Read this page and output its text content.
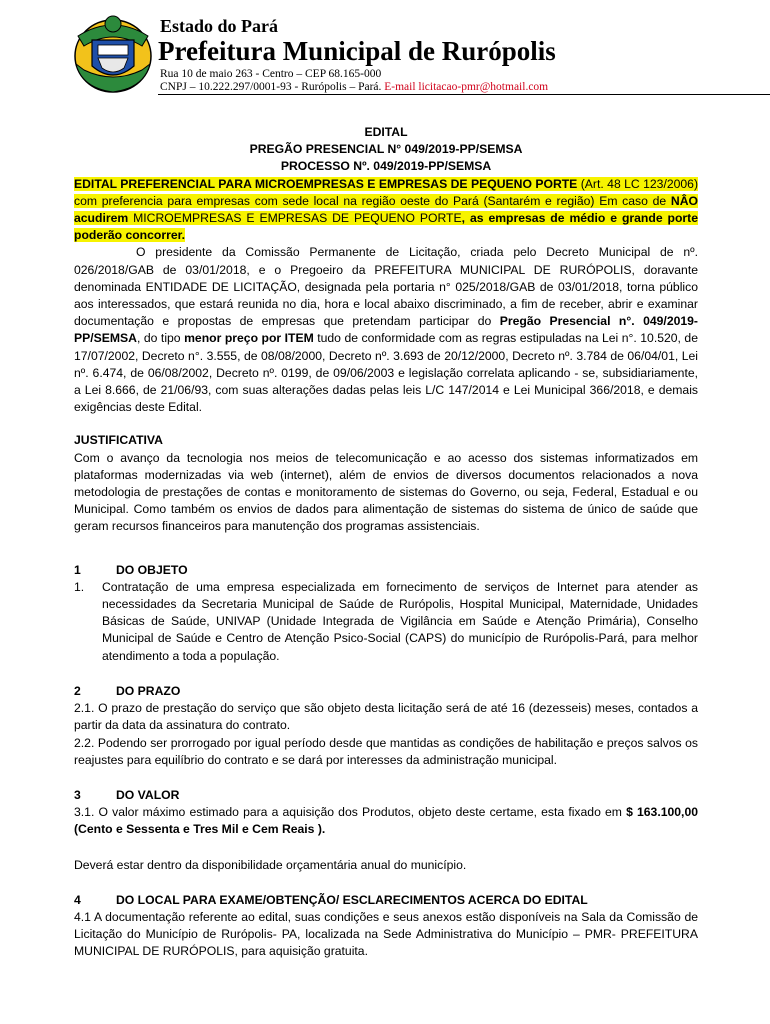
Estado do Pará
Prefeitura Municipal de Rurópolis
Rua 10 de maio 263 - Centro – CEP 68.165-000
CNPJ – 10.222.297/0001-93 - Rurópolis – Pará. E-mail licitacao-pmr@hotmail.com
EDITAL
PREGÃO PRESENCIAL N° 049/2019-PP/SEMSA
PROCESSO Nº. 049/2019-PP/SEMSA

EDITAL PREFERENCIAL PARA MICROEMPRESAS E EMPRESAS DE PEQUENO PORTE (Art. 48 LC 123/2006) com preferencia para empresas com sede local na região oeste do Pará (Santarém e região) Em caso de NÂO acudirem MICROEMPRESAS E EMPRESAS DE PEQUENO PORTE, as empresas de médio e grande porte poderão concorrer.

O presidente da Comissão Permanente de Licitação, criada pelo Decreto Municipal de nº. 026/2018/GAB de 03/01/2018, e o Pregoeiro da PREFEITURA MUNICIPAL DE RURÓPOLIS, doravante denominada ENTIDADE DE LICITAÇÃO, designada pela portaria n° 025/2018/GAB de 03/01/2018, torna público aos interessados, que estará reunida no dia, hora e local abaixo discriminado, a fim de receber, abrir e examinar documentação e propostas de empresas que pretendam participar do Pregão Presencial n°. 049/2019-PP/SEMSA, do tipo menor preço por ITEM tudo de conformidade com as regras estipuladas na Lei n°. 10.520, de 17/07/2002, Decreto n°. 3.555, de 08/08/2000, Decreto nº. 3.693 de 20/12/2000, Decreto nº. 3.784 de 06/04/01, Lei nº. 6.474, de 06/08/2002, Decreto nº. 0199, de 09/06/2003 e legislação correlata aplicando - se, subsidiariamente, a Lei 8.666, de 21/06/93, com suas alterações dadas pelas leis L/C 147/2014 e Lei Municipal 366/2018, e demais exigências deste Edital.

JUSTIFICATIVA

Com o avanço da tecnologia nos meios de telecomunicação e ao acesso dos sistemas informatizados em plataformas modernizadas via web (internet), além de envios de diversos documentos relacionados a nova metodologia de prestações de contas e monitoramento de sistemas do Governo, ou seja, Federal, Estadual e ou Municipal. Como também os envios de dados para alimentação de sistemas do sistema de único de saúde que geram recursos financeiros para manutenção dos programas assistenciais.

1	DO OBJETO
1.	Contratação de uma empresa especializada em fornecimento de serviços de Internet para atender as necessidades da Secretaria Municipal de Saúde de Rurópolis, Hospital Municipal, Maternidade, Unidades Básicas de Saúde, UNIVAP (Unidade Integrada de Vigilância em Saúde e Atenção Primária), Conselho Municipal de Saúde e Centro de Atenção Psico-Social (CAPS) do município de Rurópolis-Pará, para melhor atendimento a toda a população.
2	DO PRAZO

2.1. O prazo de prestação do serviço que são objeto desta licitação será de até 16 (dezesseis) meses, contados a partir da data da assinatura do contrato.

2.2. Podendo ser prorrogado por igual período desde que mantidas as condições de habilitação e preços salvos os reajustes para equilíbrio do contrato e se dará por interesses da administração municipal.

3	DO VALOR

3.1. O valor máximo estimado para a aquisição dos Produtos, objeto deste certame, esta fixado em $ 163.100,00 (Cento e Sessenta e Tres Mil e Cem Reais ).

Deverá estar dentro da disponibilidade orçamentária anual do município.

4	DO LOCAL PARA EXAME/OBTENÇÃO/ ESCLARECIMENTOS ACERCA DO EDITAL

4.1 A documentação referente ao edital, suas condições e seus anexos estão disponíveis na Sala da Comissão de Licitação do Município de Rurópolis- PA, localizada na Sede Administrativa do Município – PMR- PREFEITURA MUNICIPAL DE RURÓPOLIS, para aquisição gratuita.
